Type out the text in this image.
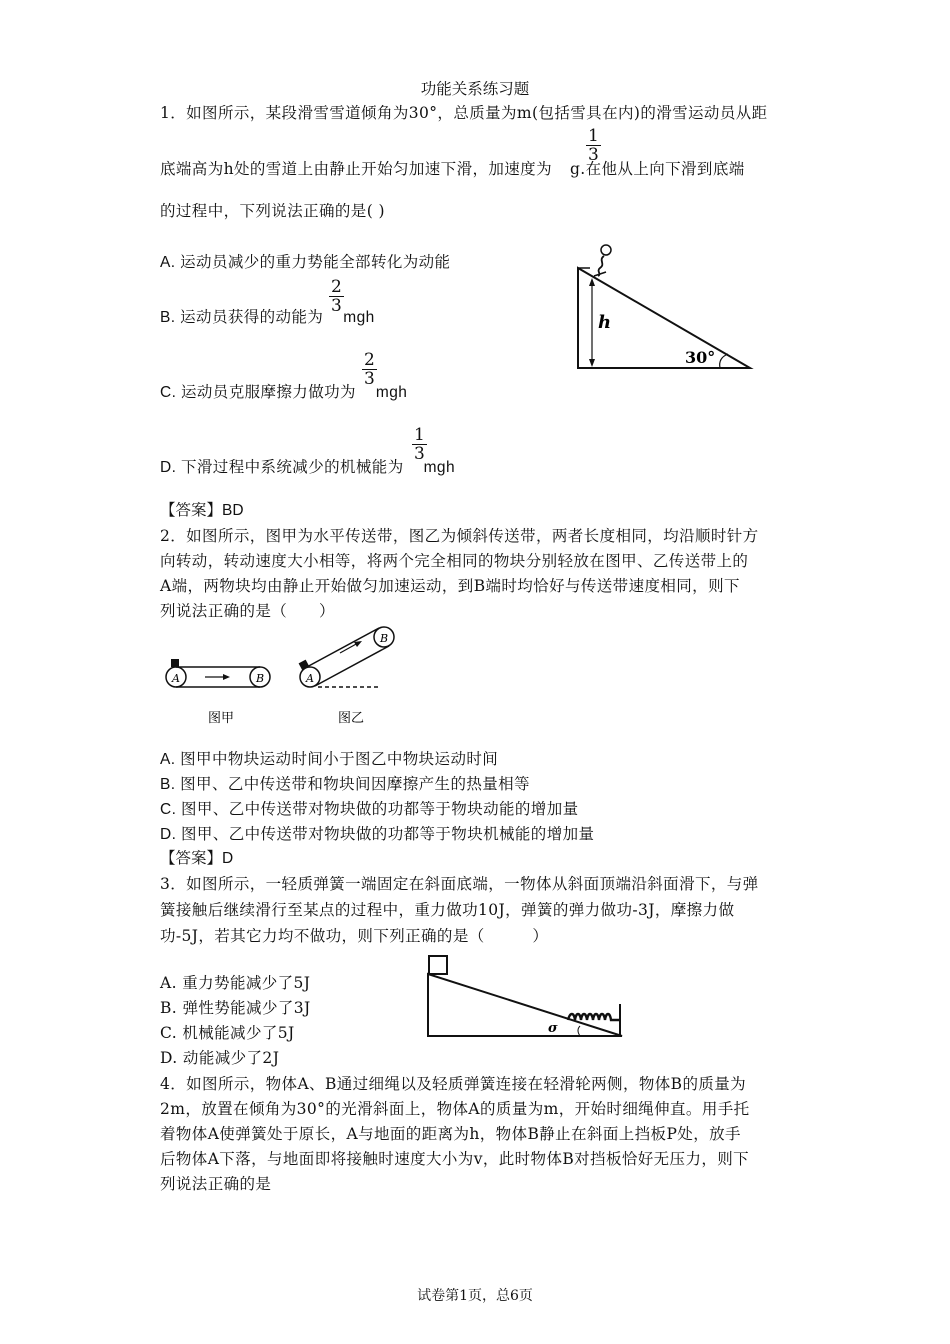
功能关系练习题
1．如图所示，某段滑雪雪道倾角为30°，总质量为m(包括雪具在内)的滑雪运动员从距
$\frac{1}{3}$
底端高为h处的雪道上由静止开始匀加速下滑，加速度为 g.在他从上向下滑到底端
的过程中，下列说法正确的是( )
A. 运动员减少的重力势能全部转化为动能
$\frac{2}{3}$
B. 运动员获得的动能为 mgh
$\frac{2}{3}$
C. 运动员克服摩擦力做功为 mgh
$\frac{1}{3}$
D. 下滑过程中系统减少的机械能为 mgh
h
30°
【答案】BD
2．如图所示，图甲为水平传送带，图乙为倾斜传送带，两者长度相同，均沿顺时针方
向转动，转动速度大小相等，将两个完全相同的物块分别轻放在图甲、乙传送带上的
A端，两物块均由静止开始做匀加速运动，到B端时均恰好与传送带速度相同，则下
列说法正确的是（　　）
A	B
图甲
A
B
图乙
A. 图甲中物块运动时间小于图乙中物块运动时间
B. 图甲、乙中传送带和物块间因摩擦产生的热量相等
C. 图甲、乙中传送带对物块做的功都等于物块动能的增加量
D. 图甲、乙中传送带对物块做的功都等于物块机械能的增加量
【答案】D
3．如图所示，一轻质弹簧一端固定在斜面底端，一物体从斜面顶端沿斜面滑下，与弹
簧接触后继续滑行至某点的过程中，重力做功10J，弹簧的弹力做功-3J，摩擦力做
功-5J，若其它力均不做功，则下列正确的是（　　　）
A. 重力势能减少了5J
B. 弹性势能减少了3J
C. 机械能减少了5J
D. 动能减少了2J
σ
4．如图所示，物体A、B通过细绳以及轻质弹簧连接在轻滑轮两侧，物体B的质量为
2m，放置在倾角为30°的光滑斜面上，物体A的质量为m，开始时细绳伸直。用手托
着物体A使弹簧处于原长，A与地面的距离为h，物体B静止在斜面上挡板P处，放手
后物体A下落，与地面即将接触时速度大小为v，此时物体B对挡板恰好无压力，则下
列说法正确的是
试卷第1页，总6页
